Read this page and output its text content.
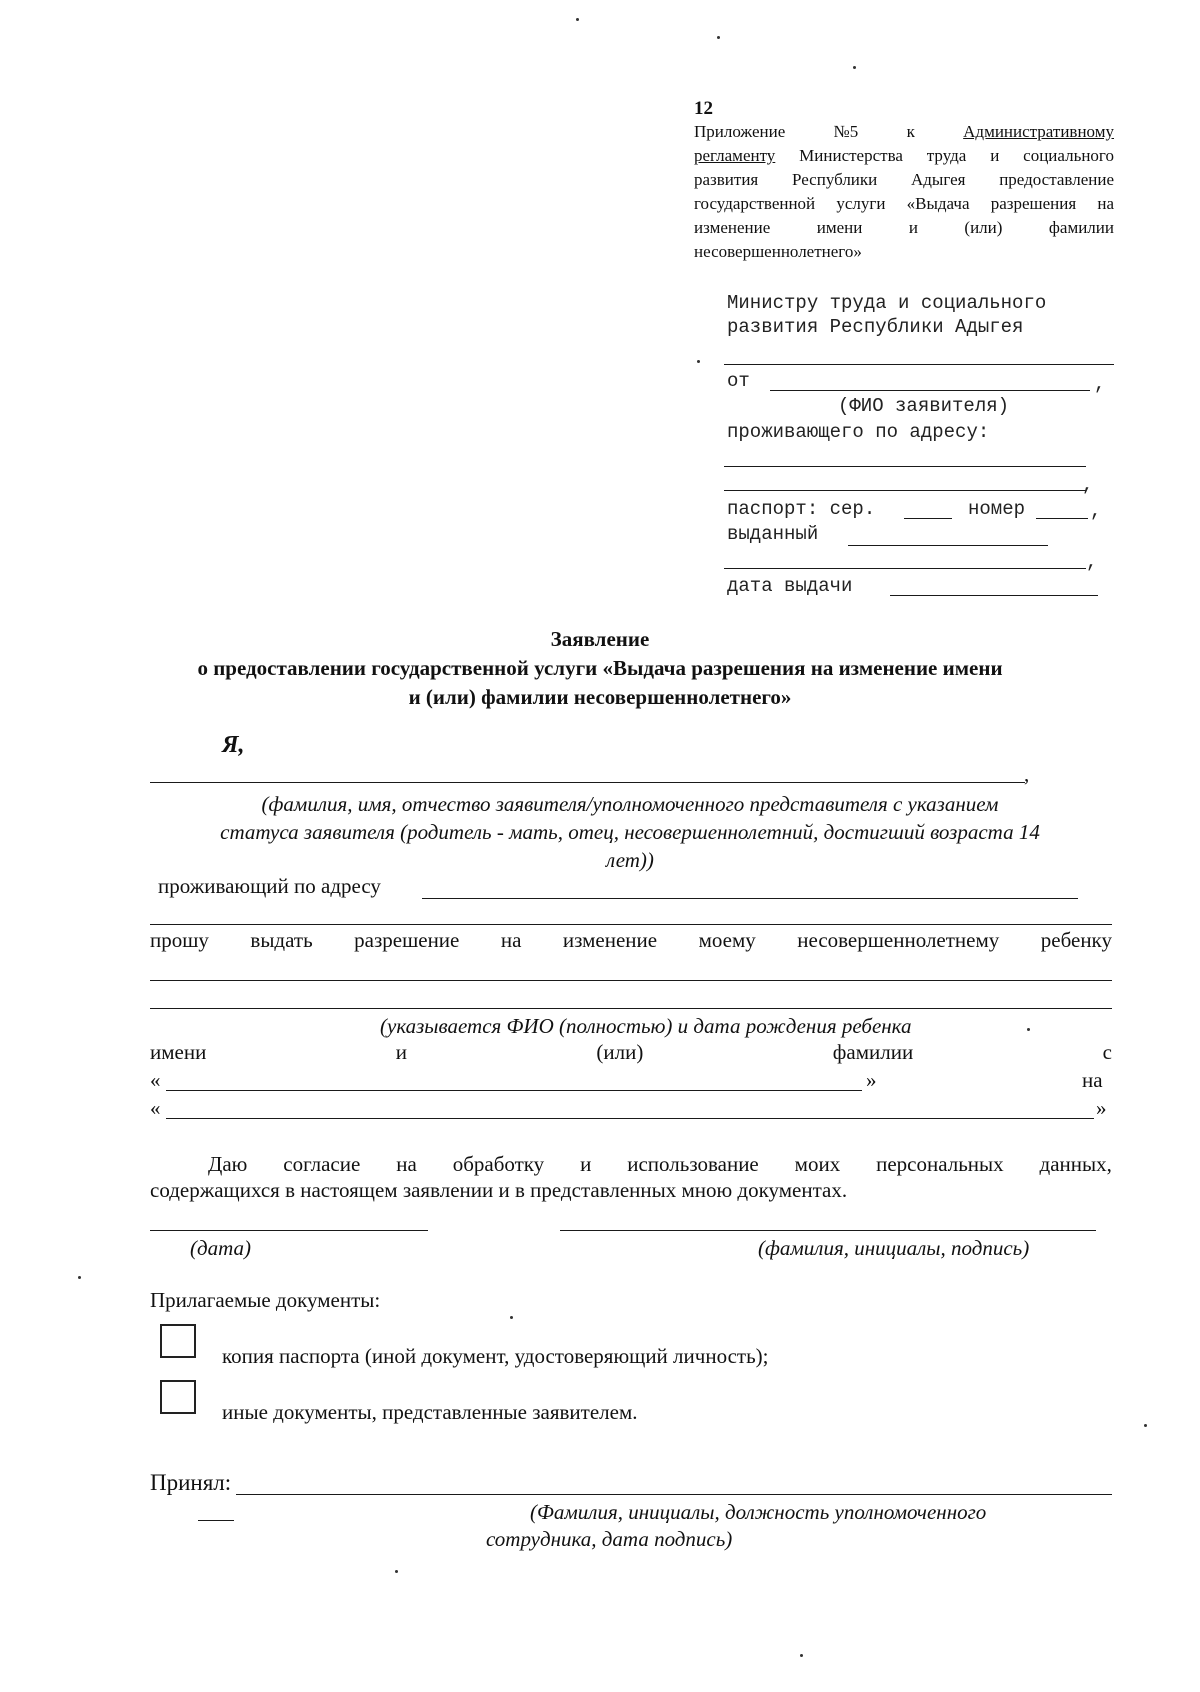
12
Приложение	№5	к	Административному
регламенту Министерства труда и социального
развития Республики Адыгея предоставление
государственной услуги «Выдача разрешения на
изменение имени и (или) фамилии
несовершеннолетнего»
Министру труда и социального
развития Республики Адыгея
от	,
(ФИО заявителя)
проживающего по адресу:
,
паспорт: сер.	номер	,
выданный
,
дата выдачи
Заявление
о предоставлении государственной услуги «Выдача разрешения на изменение имени
и (или) фамилии несовершеннолетнего»
Я,
,
(фамилия, имя, отчество заявителя/уполномоченного представителя с указанием
статуса заявителя (родитель - мать, отец, несовершеннолетний, достигший возраста 14
лет))
проживающий по адресу
прошу выдать разрешение на изменение моему несовершеннолетнему ребенку
(указывается ФИО (полностью) и дата рождения ребенка
имени	и	(или)	фамилии	с
«	»	на
«	»
Даю согласие на обработку и использование моих персональных данных,
содержащихся в настоящем заявлении и в представленных мною документах.
(дата)	(фамилия, инициалы, подпись)
Прилагаемые документы:
копия паспорта (иной документ, удостоверяющий личность);
иные документы, представленные заявителем.
Принял:
(Фамилия, инициалы, должность уполномоченного
сотрудника, дата подпись)
